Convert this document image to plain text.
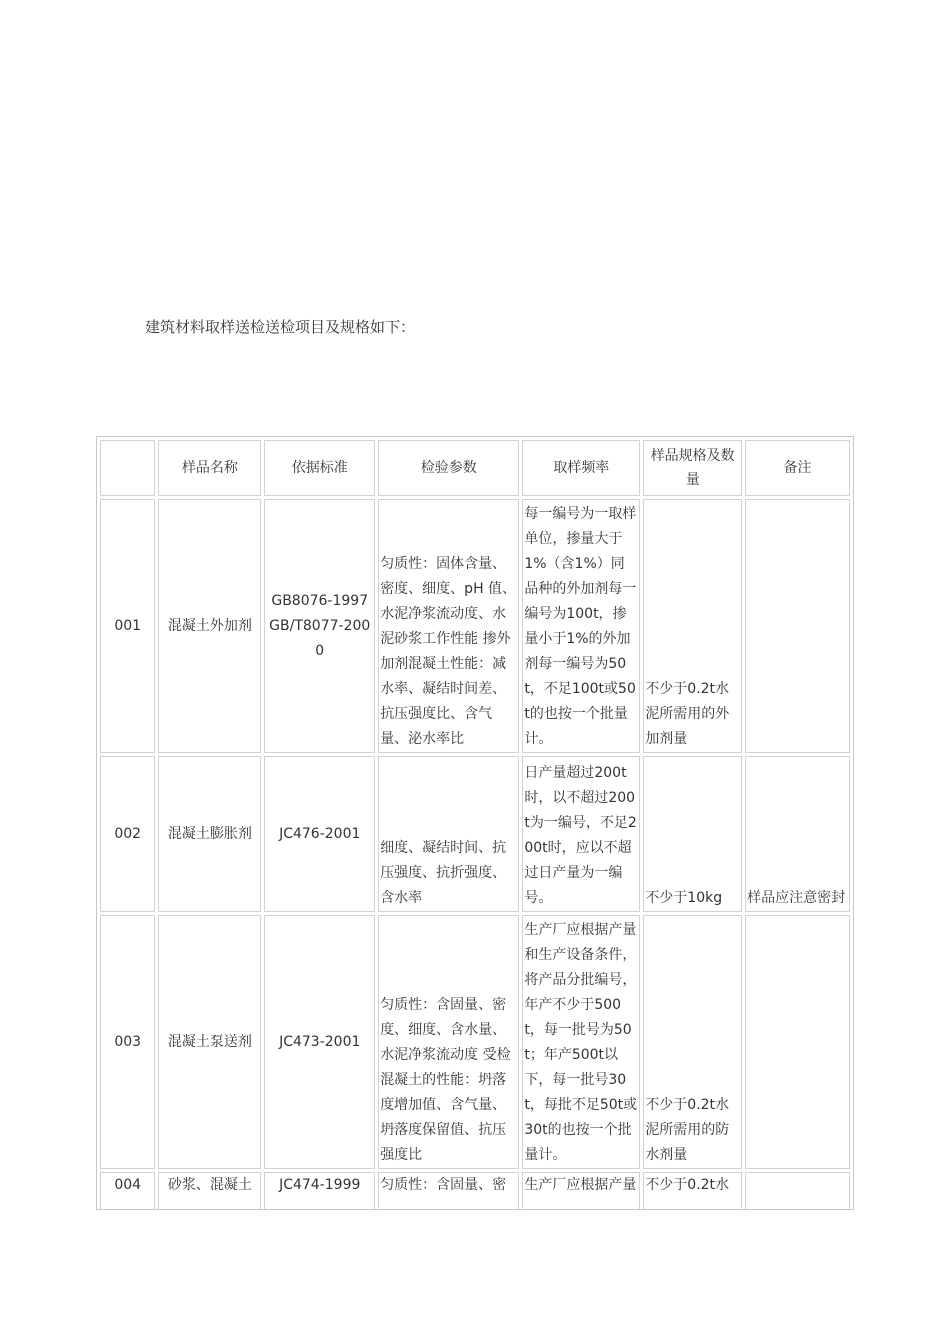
建筑材料取样送检送检项目及规格如下：
	样品名称	依据标准	检验参数	取样频率	样品规格及数量	备注
001	混凝土外加剂	GB8076-1997 GB/T8077-2000	匀质性：固体含量、密度、细度、pH 值、水泥净浆流动度、水泥砂浆工作性能 掺外加剂混凝土性能：减水率、凝结时间差、抗压强度比、含气量、泌水率比	每一编号为一取样单位，掺量大于1%（含1%）同品种的外加剂每一编号为100t，掺量小于1%的外加剂每一编号为50t，不足100t或50t的也按一个批量计。	不少于0.2t水泥所需用的外加剂量	
002	混凝土膨胀剂	JC476-2001	细度、凝结时间、抗压强度、抗折强度、含水率	日产量超过200t时，以不超过200t为一编号，不足200t时，应以不超过日产量为一编号。	不少于10kg	样品应注意密封
003	混凝土泵送剂	JC473-2001	匀质性：含固量、密度、细度、含水量、水泥净浆流动度 受检混凝土的性能：坍落度增加值、含气量、坍落度保留值、抗压强度比	生产厂应根据产量和生产设备条件，将产品分批编号，年产不少于500t，每一批号为50t；年产500t以下，每一批号30t，每批不足50t或30t的也按一个批量计。	不少于0.2t水泥所需用的防水剂量	
004	砂浆、混凝土	JC474-1999	匀质性：含固量、密	生产厂应根据产量	不少于0.2t水	
